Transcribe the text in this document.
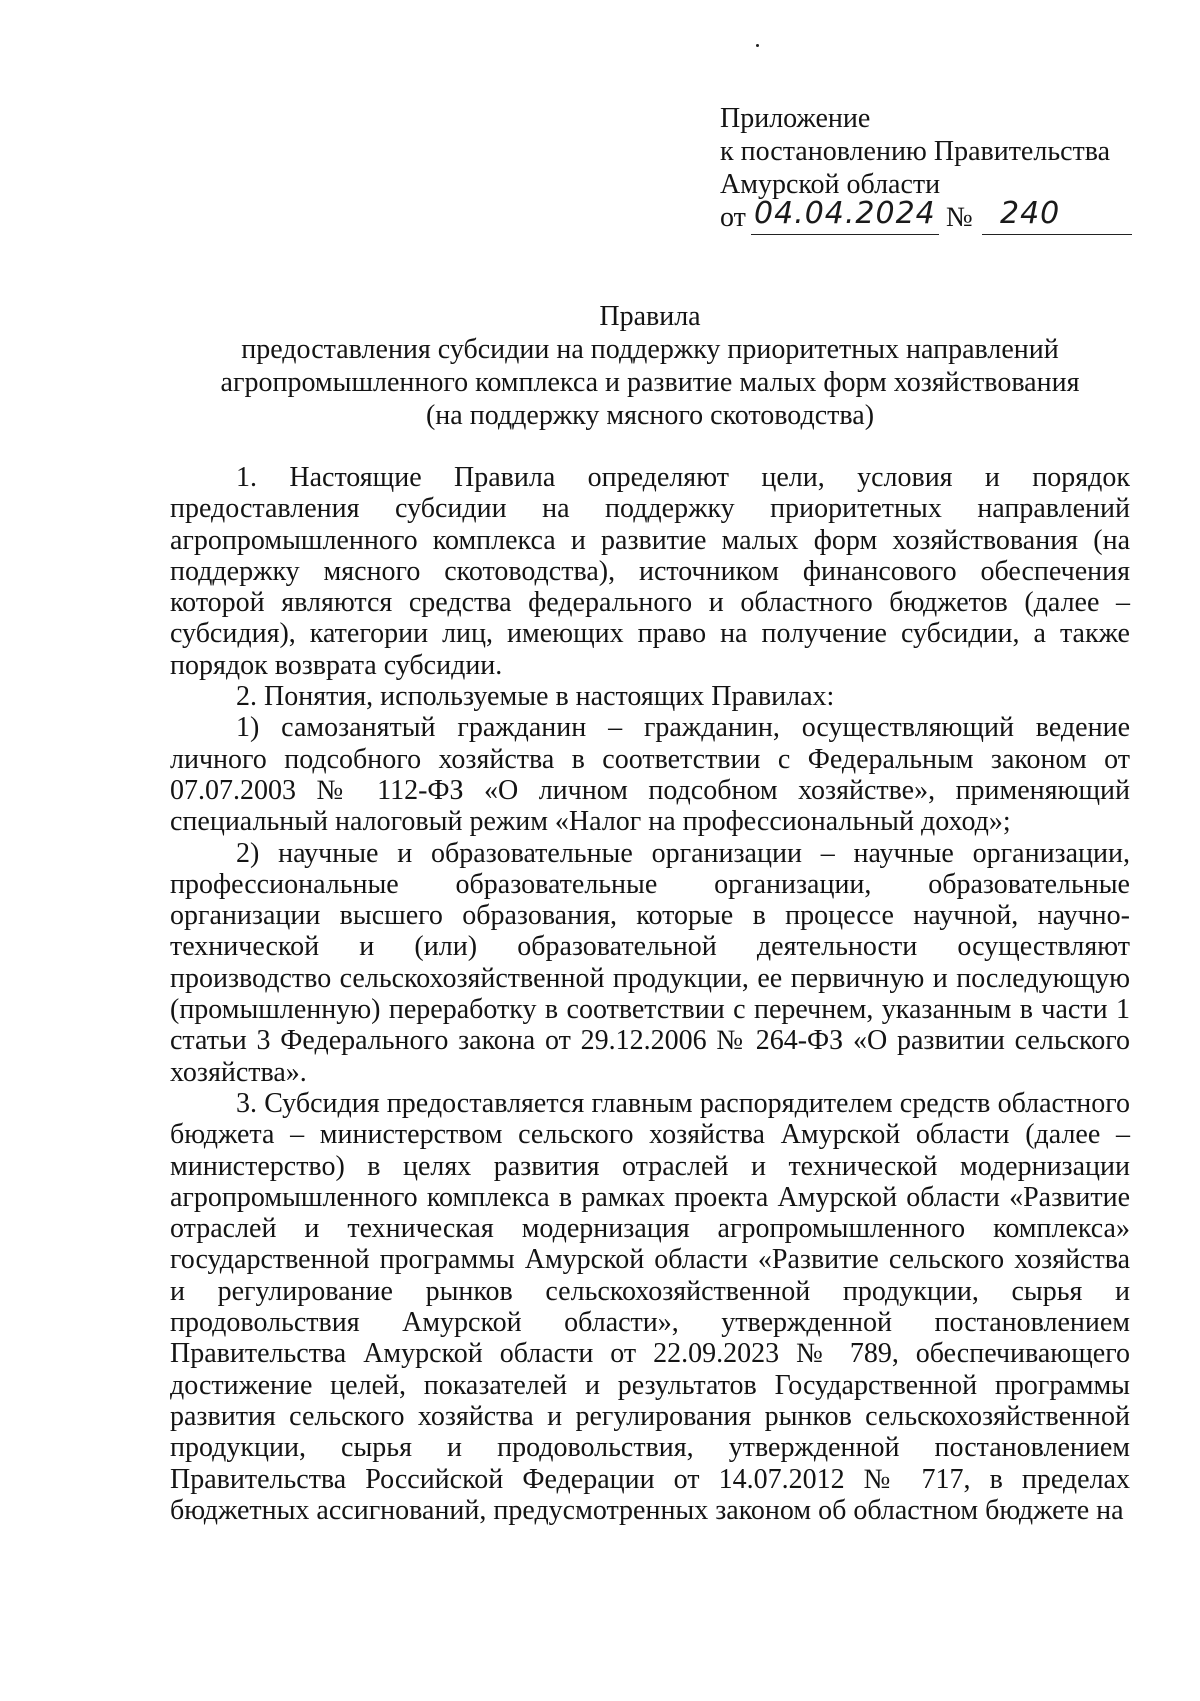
Приложение
к постановлению Правительства
Амурской области
от 04.04.2024 № 240
Правила
предоставления субсидии на поддержку приоритетных направлений
агропромышленного комплекса и развитие малых форм хозяйствования
(на поддержку мясного скотоводства)

1. Настоящие Правила определяют цели, условия и порядок предоставления субсидии на поддержку приоритетных направлений агропромышленного комплекса и развитие малых форм хозяйствования (на поддержку мясного скотоводства), источником финансового обеспечения которой являются средства федерального и областного бюджетов (далее – субсидия), категории лиц, имеющих право на получение субсидии, а также порядок возврата субсидии.

2. Понятия, используемые в настоящих Правилах:

1) самозанятый гражданин – гражданин, осуществляющий ведение личного подсобного хозяйства в соответствии с Федеральным законом от 07.07.2003 № 112-ФЗ «О личном подсобном хозяйстве», применяющий специальный налоговый режим «Налог на профессиональный доход»;

2) научные и образовательные организации – научные организации, профессиональные образовательные организации, образовательные организации высшего образования, которые в процессе научной, научно-технической и (или) образовательной деятельности осуществляют производство сельскохозяйственной продукции, ее первичную и последующую (промышленную) переработку в соответствии с перечнем, указанным в части 1 статьи 3 Федерального закона от 29.12.2006 № 264-ФЗ «О развитии сельского хозяйства».

3. Субсидия предоставляется главным распорядителем средств областного бюджета – министерством сельского хозяйства Амурской области (далее – министерство) в целях развития отраслей и технической модернизации агропромышленного комплекса в рамках проекта Амурской области «Развитие отраслей и техническая модернизация агропромышленного комплекса» государственной программы Амурской области «Развитие сельского хозяйства и регулирование рынков сельскохозяйственной продукции, сырья и продовольствия Амурской области», утвержденной постановлением Правительства Амурской области от 22.09.2023 № 789, обеспечивающего достижение целей, показателей и результатов Государственной программы развития сельского хозяйства и регулирования рынков сельскохозяйственной продукции, сырья и продовольствия, утвержденной постановлением Правительства Российской Федерации от 14.07.2012 № 717, в пределах бюджетных ассигнований, предусмотренных законом об областном бюджете на
